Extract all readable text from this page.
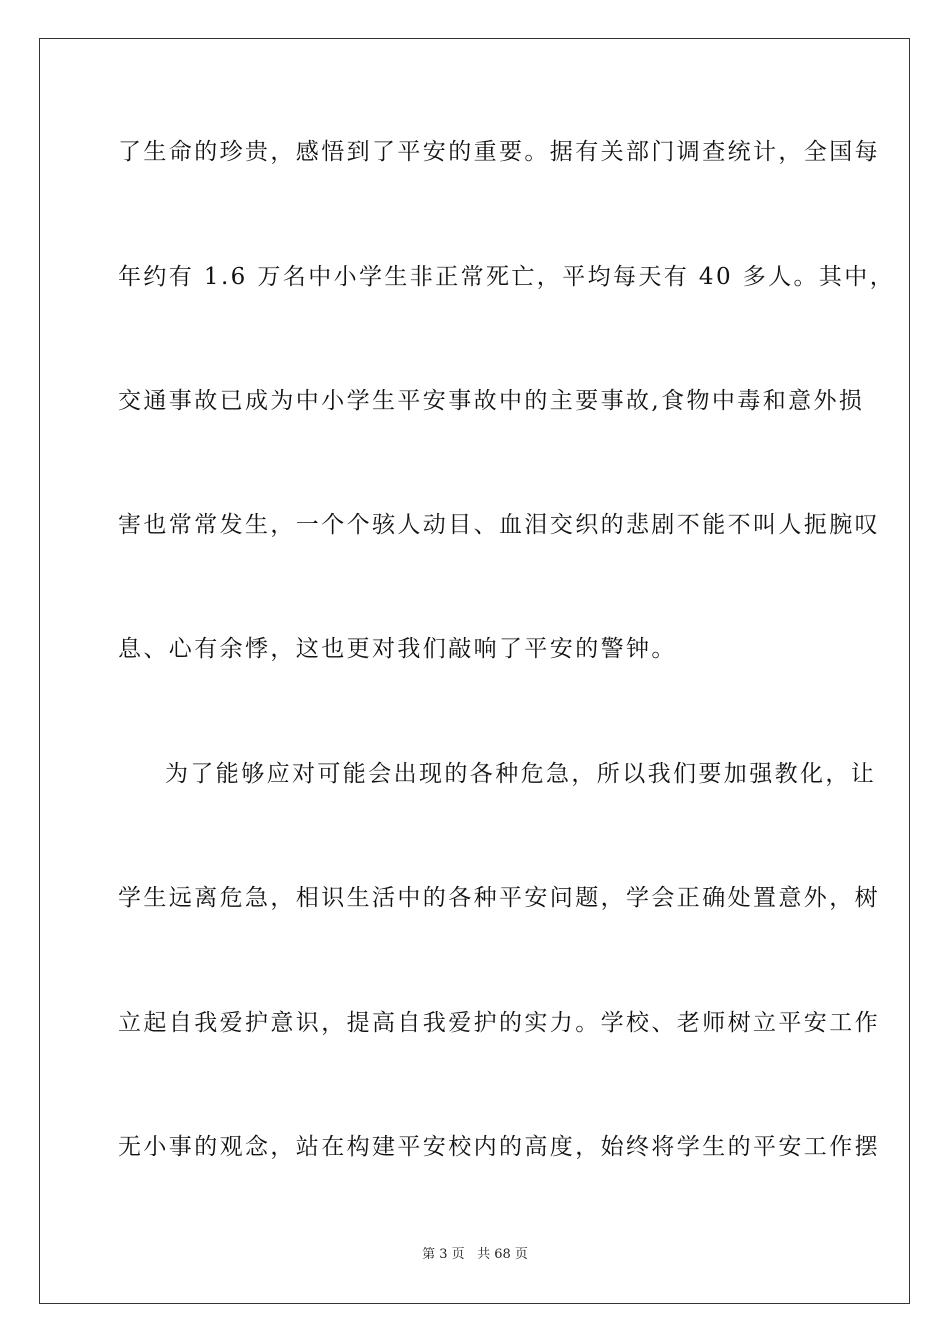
了生命的珍贵，感悟到了平安的重要。据有关部门调查统计，全国每
年约有 1.6 万名中小学生非正常死亡，平均每天有 40 多人。其中，
交通事故已成为中小学生平安事故中的主要事故,食物中毒和意外损
害也常常发生，一个个骇人动目、血泪交织的悲剧不能不叫人扼腕叹
息、心有余悸，这也更对我们敲响了平安的警钟。
为了能够应对可能会出现的各种危急，所以我们要加强教化，让
学生远离危急，相识生活中的各种平安问题，学会正确处置意外，树
立起自我爱护意识，提高自我爱护的实力。学校、老师树立平安工作
无小事的观念，站在构建平安校内的高度，始终将学生的平安工作摆
第 3 页 共 68 页
